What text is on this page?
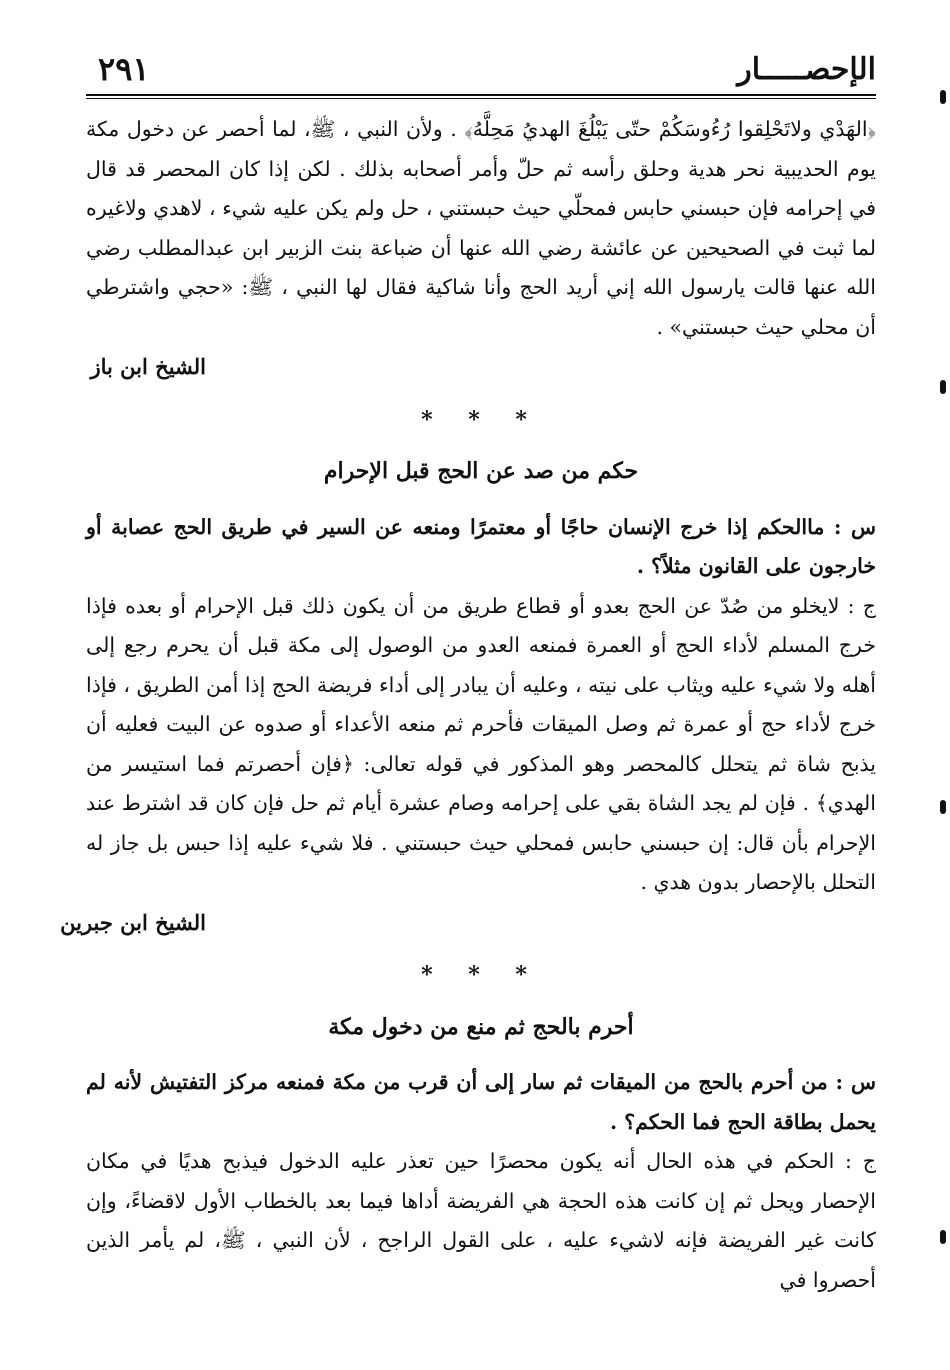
الإحصـــــار
٢٩١

﴿الهَدْي ولاتَحْلِقوا رُءُوسَكُمْ حتّى يَبْلُغَ الهديُ مَحِلَّهُ﴾ . ولأن النبي ، ﷺ، لما أحصر عن دخول مكة يوم الحديبية نحر هدية وحلق رأسه ثم حلّ وأمر أصحابه بذلك . لكن إذا كان المحصر قد قال في إحرامه فإن حبسني حابس فمحلّي حيث حبستني ، حل ولم يكن عليه شيء ، لاهدي ولاغيره لما ثبت في الصحيحين عن عائشة رضي الله عنها أن ضباعة بنت الزبير ابن عبدالمطلب رضي الله عنها قالت يارسول الله إني أريد الحج وأنا شاكية فقال لها النبي ، ﷺ: «حجي واشترطي أن محلي حيث حبستني» .

الشيخ ابن باز

* * *
حكم من صد عن الحج قبل الإحرام

س : ماالحكم إذا خرج الإنسان حاجًا أو معتمرًا ومنعه عن السير في طريق الحج عصابة أو خارجون على القانون مثلاً؟ .

ج : لايخلو من صُدّ عن الحج بعدو أو قطاع طريق من أن يكون ذلك قبل الإحرام أو بعده فإذا خرج المسلم لأداء الحج أو العمرة فمنعه العدو من الوصول إلى مكة قبل أن يحرم رجع إلى أهله ولا شيء عليه ويثاب على نيته ، وعليه أن يبادر إلى أداء فريضة الحج إذا أمن الطريق ، فإذا خرج لأداء حج أو عمرة ثم وصل الميقات فأحرم ثم منعه الأعداء أو صدوه عن البيت فعليه أن يذبح شاة ثم يتحلل كالمحصر وهو المذكور في قوله تعالى: ﴿فإن أحصرتم فما استيسر من الهدي﴾ . فإن لم يجد الشاة بقي على إحرامه وصام عشرة أيام ثم حل فإن كان قد اشترط عند الإحرام بأن قال: إن حبسني حابس فمحلي حيث حبستني . فلا شيء عليه إذا حبس بل جاز له التحلل بالإحصار بدون هدي .

الشيخ ابن جبرين

* * *
أحرم بالحج ثم منع من دخول مكة

س : من أحرم بالحج من الميقات ثم سار إلى أن قرب من مكة فمنعه مركز التفتيش لأنه لم يحمل بطاقة الحج فما الحكم؟ .

ج : الحكم في هذه الحال أنه يكون محصرًا حين تعذر عليه الدخول فيذبح هديًا في مكان الإحصار ويحل ثم إن كانت هذه الحجة هي الفريضة أداها فيما بعد بالخطاب الأول لاقضاءً، وإن كانت غير الفريضة فإنه لاشيء عليه ، على القول الراجح ، لأن النبي ، ﷺ، لم يأمر الذين أحصروا في
